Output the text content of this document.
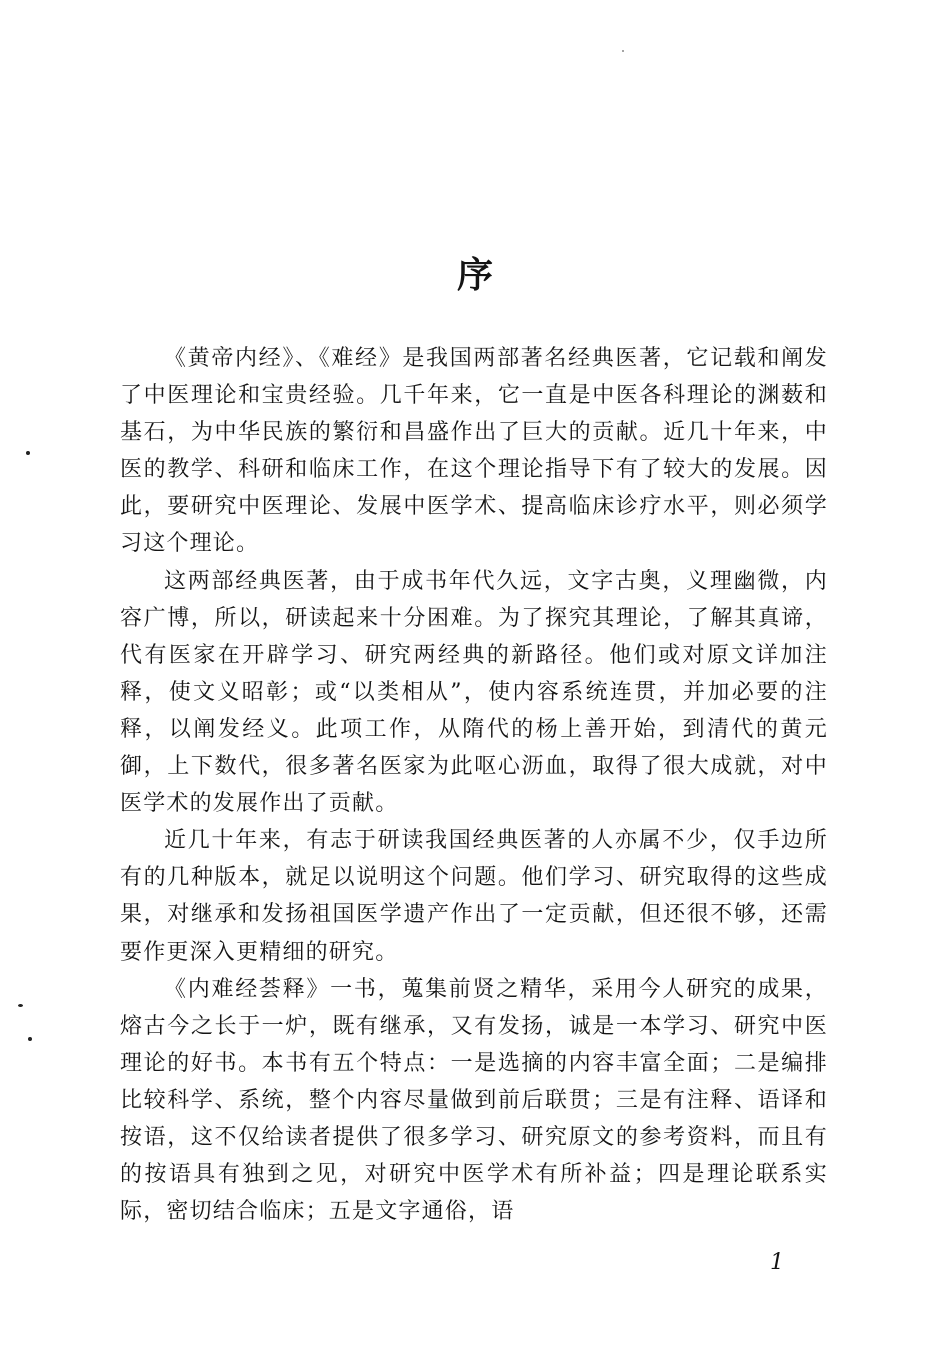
序

《黄帝内经》、《难经》是我国两部著名经典医著，它记载和阐发了中医理论和宝贵经验。几千年来，它一直是中医各科理论的渊薮和基石，为中华民族的繁衍和昌盛作出了巨大的贡献。近几十年来，中医的教学、科研和临床工作，在这个理论指导下有了较大的发展。因此，要研究中医理论、发展中医学术、提高临床诊疗水平，则必须学习这个理论。

这两部经典医著，由于成书年代久远，文字古奥，义理幽微，内容广博，所以，研读起来十分困难。为了探究其理论，了解其真谛，代有医家在开辟学习、研究两经典的新路径。他们或对原文详加注释，使文义昭彰；或“以类相从”，使内容系统连贯，并加必要的注释，以阐发经义。此项工作，从隋代的杨上善开始，到清代的黄元御，上下数代，很多著名医家为此呕心沥血，取得了很大成就，对中医学术的发展作出了贡献。

近几十年来，有志于研读我国经典医著的人亦属不少，仅手边所有的几种版本，就足以说明这个问题。他们学习、研究取得的这些成果，对继承和发扬祖国医学遗产作出了一定贡献，但还很不够，还需要作更深入更精细的研究。

《内难经荟释》一书，蒐集前贤之精华，采用今人研究的成果，熔古今之长于一炉，既有继承，又有发扬，诚是一本学习、研究中医理论的好书。本书有五个特点：一是选摘的内容丰富全面；二是编排比较科学、系统，整个内容尽量做到前后联贯；三是有注释、语译和按语，这不仅给读者提供了很多学习、研究原文的参考资料，而且有的按语具有独到之见，对研究中医学术有所补益；四是理论联系实际，密切结合临床；五是文字通俗，语

1
